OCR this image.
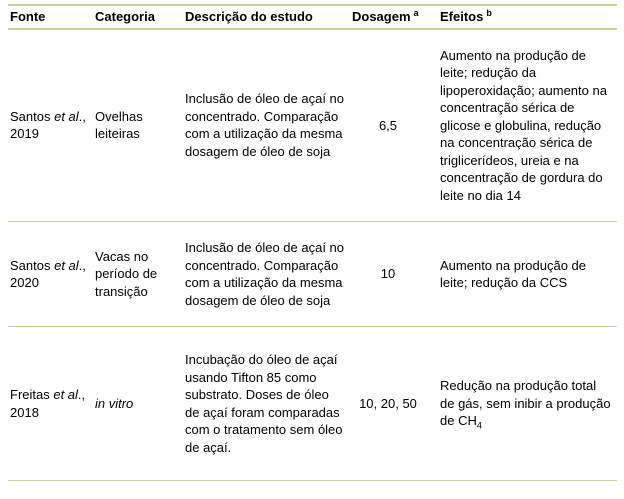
Fonte	Categoria	Descrição do estudo	Dosagem $^a$	Efeitos $^b$
Santos et al., 2019	Ovelhas leiteiras	Inclusão de óleo de açaí no concentrado. Comparação com a utilização da mesma dosagem de óleo de soja	6,5	Aumento na produção de leite; redução da lipoperoxidação; aumento na concentração sérica de glicose e globulina, redução na concentração sérica de triglicerídeos, ureia e na concentração de gordura do leite no dia 14
Santos et al., 2020	Vacas no período de transição	Inclusão de óleo de açaí no concentrado. Comparação com a utilização da mesma dosagem de óleo de soja	10	Aumento na produção de leite; redução da CCS
Freitas et al., 2018	in vitro	Incubação do óleo de açaí usando Tifton 85 como substrato. Doses de óleo de açaí foram comparadas com o tratamento sem óleo de açaí.	10, 20, 50	Redução na produção total de gás, sem inibir a produção de $CH_4$
